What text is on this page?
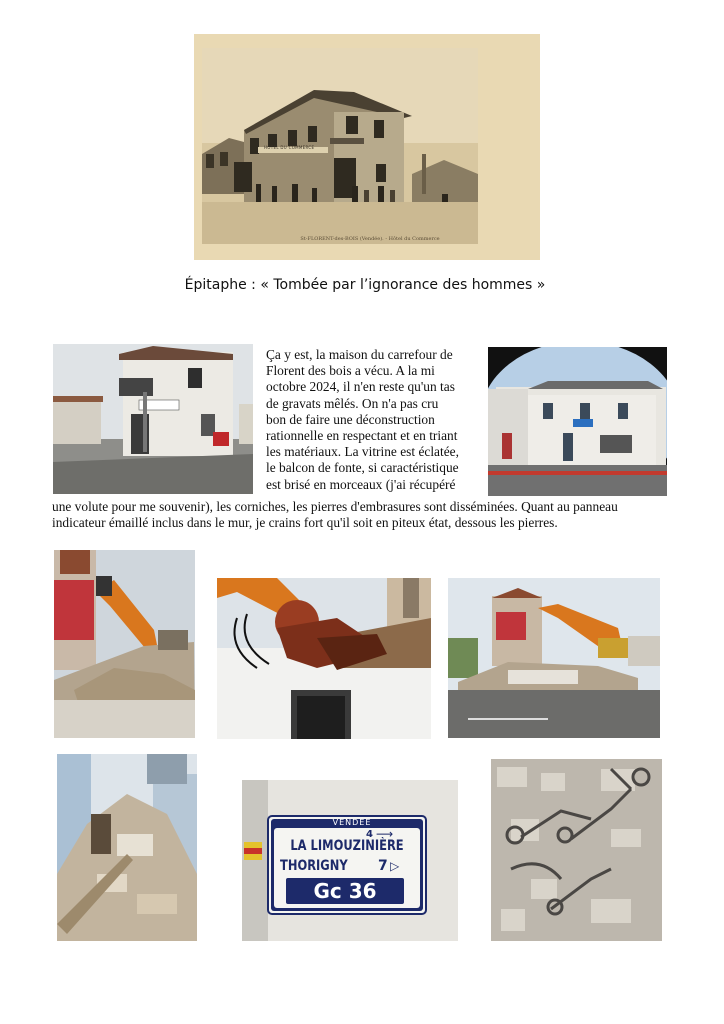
HÔTEL DU COMMERCE
St-FLORENT-des-BOIS (Vendée). - Hôtel du Commerce
Épitaphe : « Tombée par l’ignorance des hommes »
Ça y est, la maison du carrefour de
Florent des bois a vécu. A la mi
octobre 2024, il n'en reste qu'un tas
de gravats mêlés. On n'a pas cru
bon de faire une déconstruction
rationnelle en respectant et en triant
les matériaux. La vitrine est éclatée,
le balcon de fonte, si caractéristique
est brisé en morceaux (j'ai récupéré
une volute pour me souvenir), les corniches, les pierres d'embrasures sont disséminées. Quant au panneau
indicateur émaillé inclus dans le mur, je crains fort qu'il soit en piteux état, dessous les pierres.
VENDÉE
4 ⟶
LA LIMOUZINIÈRE
THORIGNY 7 ▷
Gc 36
